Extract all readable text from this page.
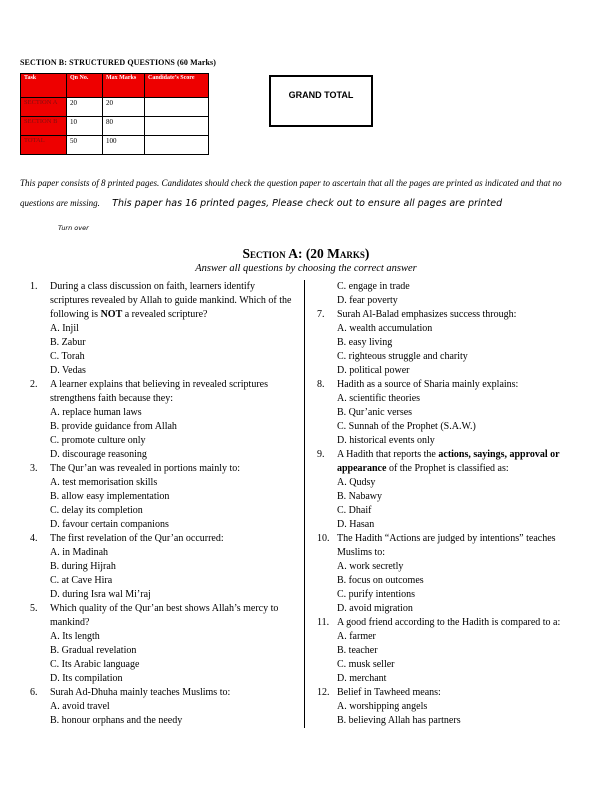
SECTION B: STRUCTURED QUESTIONS (60 Marks)
Task	Qn No.	Max Marks	Candidate’s Score
SECTION A	20	20	
SECTION B	10	80	
TOTAL	50	100	
GRAND TOTAL
This paper consists of 8 printed pages. Candidates should check the question paper to ascertain that all the pages are printed as indicated and that no questions are missing. This paper has 16 printed pages, Please check out to ensure all pages are printed
Turn over
Section A: (20 Marks)
Answer all questions by choosing the correct answer
1.	During a class discussion on faith, learners identify scriptures revealed by Allah to guide mankind. Which of the following is NOT a revealed scripture?
A. Injil
B. Zabur
C. Torah
D. Vedas
2.	A learner explains that believing in revealed scriptures strengthens faith because they:
A. replace human laws
B. provide guidance from Allah
C. promote culture only
D. discourage reasoning
3.	The Qur’an was revealed in portions mainly to:
A. test memorisation skills
B. allow easy implementation
C. delay its completion
D. favour certain companions
4.	The first revelation of the Qur’an occurred:
A. in Madinah
B. during Hijrah
C. at Cave Hira
D. during Isra wal Mi’raj
5.	Which quality of the Qur’an best shows Allah’s mercy to mankind?
A. Its length
B. Gradual revelation
C. Its Arabic language
D. Its compilation
6.	Surah Ad-Dhuha mainly teaches Muslims to:
A. avoid travel
B. honour orphans and the needy
C. engage in trade
D. fear poverty
7.	Surah Al-Balad emphasizes success through:
A. wealth accumulation
B. easy living
C. righteous struggle and charity
D. political power
8.	Hadith as a source of Sharia mainly explains:
A. scientific theories
B. Qur’anic verses
C. Sunnah of the Prophet (S.A.W.)
D. historical events only
9.	A Hadith that reports the actions, sayings, approval or appearance of the Prophet is classified as:
A. Qudsy
B. Nabawy
C. Dhaif
D. Hasan
10. The Hadith “Actions are judged by intentions” teaches Muslims to:
A. work secretly
B. focus on outcomes
C. purify intentions
D. avoid migration
11. A good friend according to the Hadith is compared to a:
A. farmer
B. teacher
C. musk seller
D. merchant
12. Belief in Tawheed means:
A. worshipping angels
B. believing Allah has partners
